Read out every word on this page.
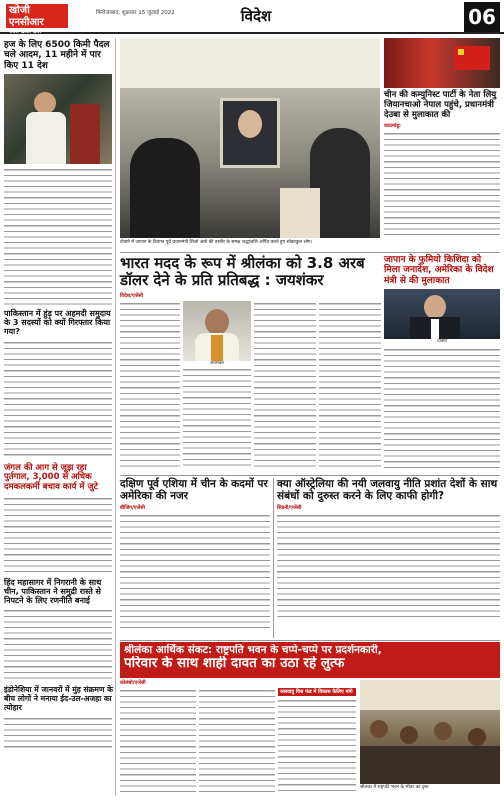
खोजी एनसीआर
सबसे खोजी खबर
फिरोजाबाद, शुक्रवार 15 जुलाई 2022	विदेश	06
हज के लिए 6500 किमी पैदल चले आदम, 11 महीने में पार किए 11 देश
पाकिस्तान में हुंड़ पर अहमदी समुदाय के 3 सदस्यों को क्यों गिरफ्तार किया गया?
जंगल की आग से जूझ रहा पुर्तगाल, 3,000 से अधिक दमकलकर्मी बचाव कार्य में जुटे
हिंद महासागर में निगरानी के साथ चीन, पाकिस्तान ने समुद्री रास्ते से निपटने के लिए रणनीति बनाई
इंडोनेशिया में जानवरों में मुंह संक्रमण के बीच लोगों ने मनाया ईद-उल-अजहा का त्योहार
टोक्यो में जापान के दिवंगत पूर्व प्रधानमंत्री शिंजो आबे की तस्वीर के समक्ष श्रद्धांजलि अर्पित करते हुए शोकाकुल लोग।
चीन की कम्युनिस्ट पार्टी के नेता लियु जियानचाओ नेपाल पहुंचे, प्रधानमंत्री देउबा से मुलाकात की
काठमांडू:
भारत मदद के रूप में श्रीलंका को 3.8 अरब डॉलर देने के प्रति प्रतिबद्ध : जयशंकर
विदेश/एजेंसी
जयशंकर
जापान के फुमियो किशिदा को मिला जनादेश, अमेरिका के विदेश मंत्री से की मुलाकात
टोक्यो
दक्षिण पूर्व एशिया में चीन के कदमों पर अमेरिका की नजर
बीजिंग/एजेंसी
क्या ऑस्ट्रेलिया की नयी जलवायु नीति प्रशांत देशों के साथ संबंधों को दुरुस्त करने के लिए काफी होगी?
सिडनी/एजेंसी
श्रीलंका आर्थिक संकट: राष्ट्रपति भवन के चप्पे-चप्पे पर प्रदर्शनकारी,
परिवार के साथ शाही दावत का उठा रहे लुत्फ
कोलंबो/एजेंसी
जलवायु वित्त फंड में विकास कैलिए मांगे
श्रीलंका में राष्ट्रपति भवन के भीतर का दृश्य
